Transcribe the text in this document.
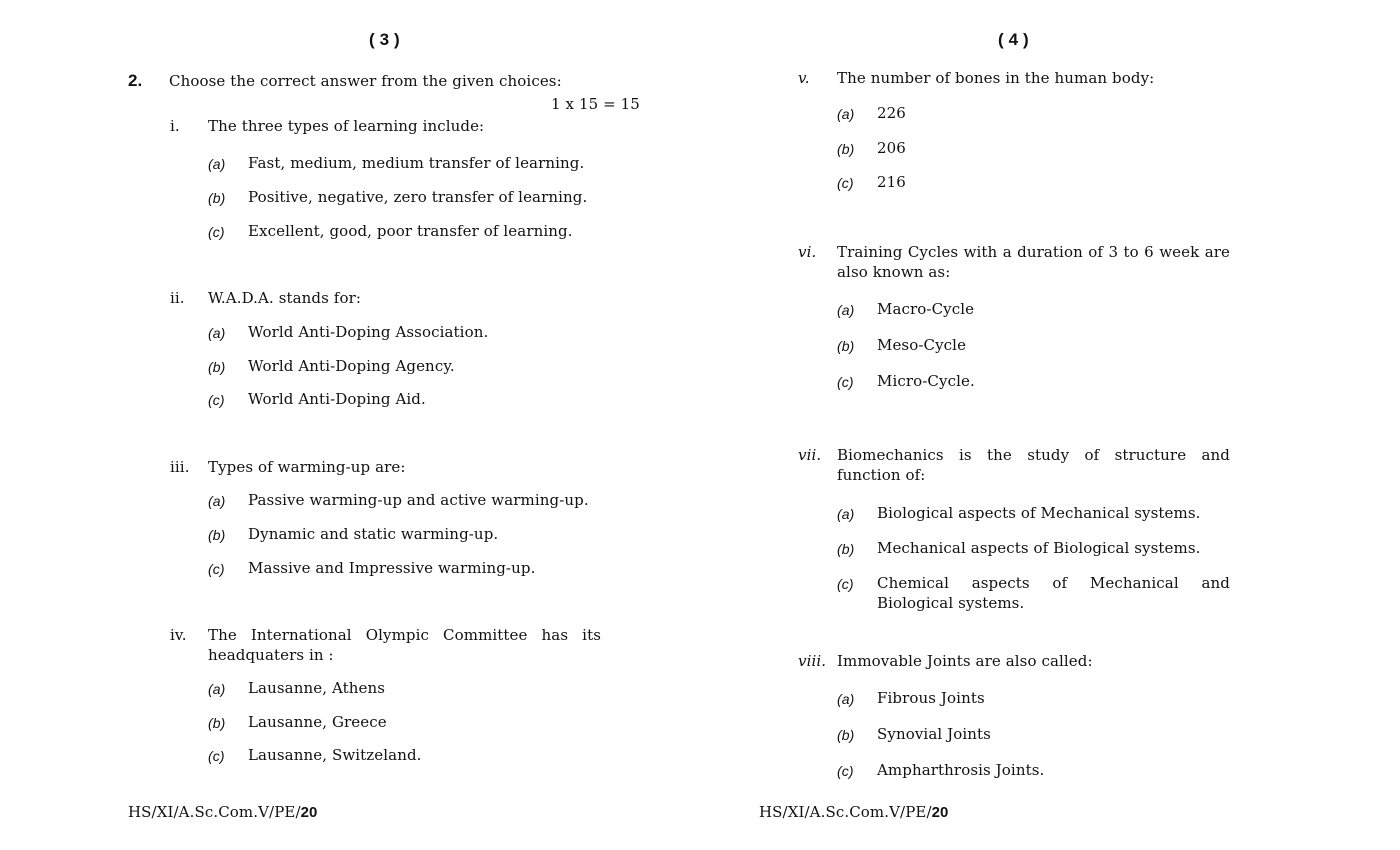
( 3 )
2. Choose the correct answer from the given choices:
1 x 15 = 15
HS/XI/A.Sc.Com.V/PE/20
i. The three types of learning include:
(a) Fast, medium, medium transfer of learning.
(b) Positive, negative, zero transfer of learning.
(c) Excellent, good, poor transfer of learning.
ii. W.A.D.A. stands for:
(a) World Anti-Doping Association.
(b) World Anti-Doping Agency.
(c) World Anti-Doping Aid.
iii. Types of warming-up are:
(a) Passive warming-up and active warming-up.
(b) Dynamic and static warming-up.
(c) Massive and Impressive warming-up.
iv. The International Olympic Committee has its headquaters in :
(a) Lausanne, Athens
(b) Lausanne, Greece
(c) Lausanne, Switzeland.
( 4 )
HS/XI/A.Sc.Com.V/PE/20
v. The number of bones in the human body:
(a) 226
(b) 206
(c) 216
vi. Training Cycles with a duration of 3 to 6 week are also known as:
(a) Macro-Cycle
(b) Meso-Cycle
(c) Micro-Cycle.
vii. Biomechanics is the study of structure and function of:
(a) Biological aspects of Mechanical systems.
(b) Mechanical aspects of Biological systems.
(c) Chemical aspects of Mechanical and Biological systems.
viii. Immovable Joints are also called:
(a) Fibrous Joints
(b) Synovial Joints
(c) Ampharthrosis Joints.
